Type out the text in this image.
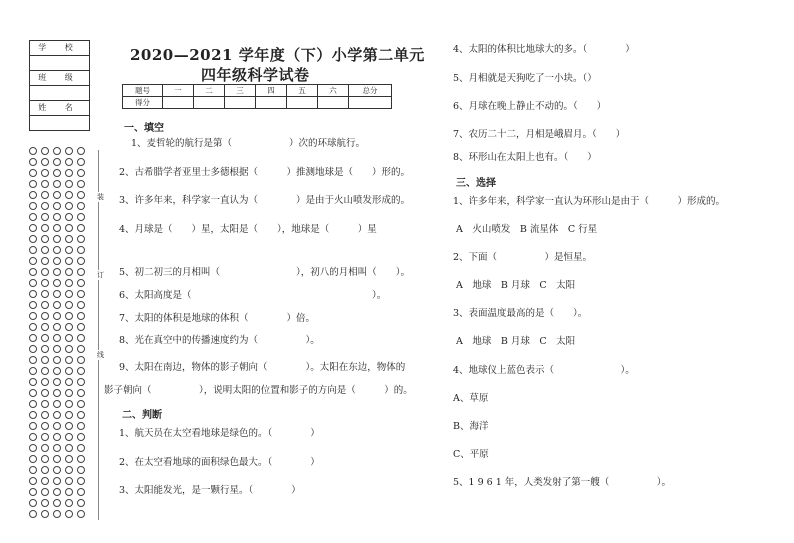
学 校
班 级
姓 名
装
订
线
2020—2021 学年度（下）小学第二单元
四年级科学试卷
题号	一	二	三	四	五	六	总分
得分							
一、填空
1、麦哲轮的航行是第（　　　　　　）次的环球航行。
2、古希腊学者亚里士多德根据（　　　）推测地球是（　　）形的。
3、许多年来，科学家一直认为（　　　　）是由于火山喷发形成的。
4、月球是（　　）星，太阳是（　　），地球是（　　　）星
5、初二初三的月相叫（　　　　　　　　），初八的月相叫（　　）。
6、太阳高度是（　　　　　　　　　　　　　　　　　　　）。
7、太阳的体积是地球的体积（　　　　）倍。
8、光在真空中的传播速度约为（　　　　　）。
9、太阳在南边，物体的影子朝向（　　　　）。太阳在东边，物体的
影子朝向（　　　　　），说明太阳的位置和影子的方向是（　　　）的。
二、判断
1、航天员在太空看地球是绿色的。（　　　　）
2、在太空看地球的面积绿色最大。（　　　　）
3、太阳能发光，是一颗行星。（　　　　）
4、太阳的体积比地球大的多。（　　　　）
5、月相就是天狗吃了一小块。（）
6、月球在晚上静止不动的。（　　）
7、农历二十二，月相是峨眉月。（　　）
8、环形山在太阳上也有。（　　）
三、选择
1、许多年来，科学家一直认为环形山是由于（　　　）形成的。
A　火山喷发　B 流星体　C 行星
2、下面（　　　　　）是恒星。
A　地球　B 月球　C　太阳
3、表面温度最高的是（　　）。
A　地球　B 月球　C　太阳
4、地球仪上蓝色表示（　　　　　　　）。
A、草原
B、海洋
C、平原
5、1 9 6 1 年，人类发射了第一艘（　　　　　）。
